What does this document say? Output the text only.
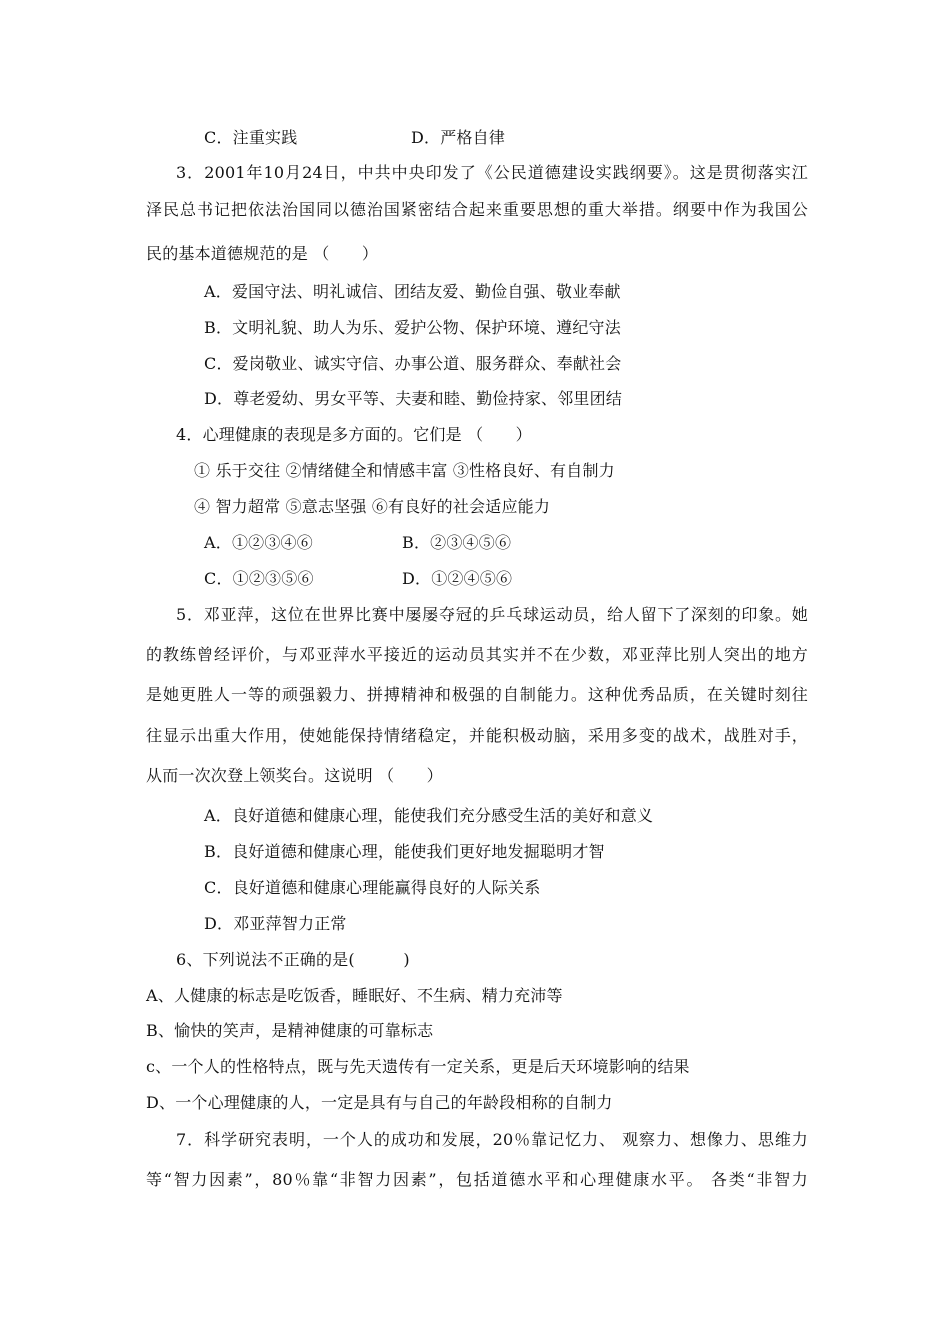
C．注重实践	D．严格自律
3．2001年10月24日，中共中央印发了《公民道德建设实践纲要》。这是贯彻落实江
泽民总书记把依法治国同以德治国紧密结合起来重要思想的重大举措。纲要中作为我国公
民的基本道德规范的是 （　　）
A．爱国守法、明礼诚信、团结友爱、勤俭自强、敬业奉献
B．文明礼貌、助人为乐、爱护公物、保护环境、遵纪守法
C．爱岗敬业、诚实守信、办事公道、服务群众、奉献社会
D．尊老爱幼、男女平等、夫妻和睦、勤俭持家、邻里团结
4．心理健康的表现是多方面的。它们是 （　　）
① 乐于交往 ②情绪健全和情感丰富 ③性格良好、有自制力
④ 智力超常 ⑤意志坚强 ⑥有良好的社会适应能力
A．①②③④⑥	B．②③④⑤⑥
C．①②③⑤⑥	D．①②④⑤⑥
5．邓亚萍，这位在世界比赛中屡屡夺冠的乒乓球运动员，给人留下了深刻的印象。她
的教练曾经评价，与邓亚萍水平接近的运动员其实并不在少数，邓亚萍比别人突出的地方
是她更胜人一等的顽强毅力、拼搏精神和极强的自制能力。这种优秀品质，在关键时刻往
往显示出重大作用，使她能保持情绪稳定，并能积极动脑，采用多变的战术，战胜对手，
从而一次次登上领奖台。这说明 （　　）
A．良好道德和健康心理，能使我们充分感受生活的美好和意义
B．良好道德和健康心理，能使我们更好地发掘聪明才智
C．良好道德和健康心理能赢得良好的人际关系
D．邓亚萍智力正常
6、下列说法不正确的是(　　　)
A、人健康的标志是吃饭香，睡眠好、不生病、精力充沛等
B、愉快的笑声，是精神健康的可靠标志
c、一个人的性格特点，既与先天遗传有一定关系，更是后天环境影响的结果
D、一个心理健康的人，一定是具有与自己的年龄段相称的自制力
7．科学研究表明，一个人的成功和发展，20％靠记忆力、 观察力、想像力、思维力
等“智力因素”，80％靠“非智力因素”，包括道德水平和心理健康水平。 各类“非智力
